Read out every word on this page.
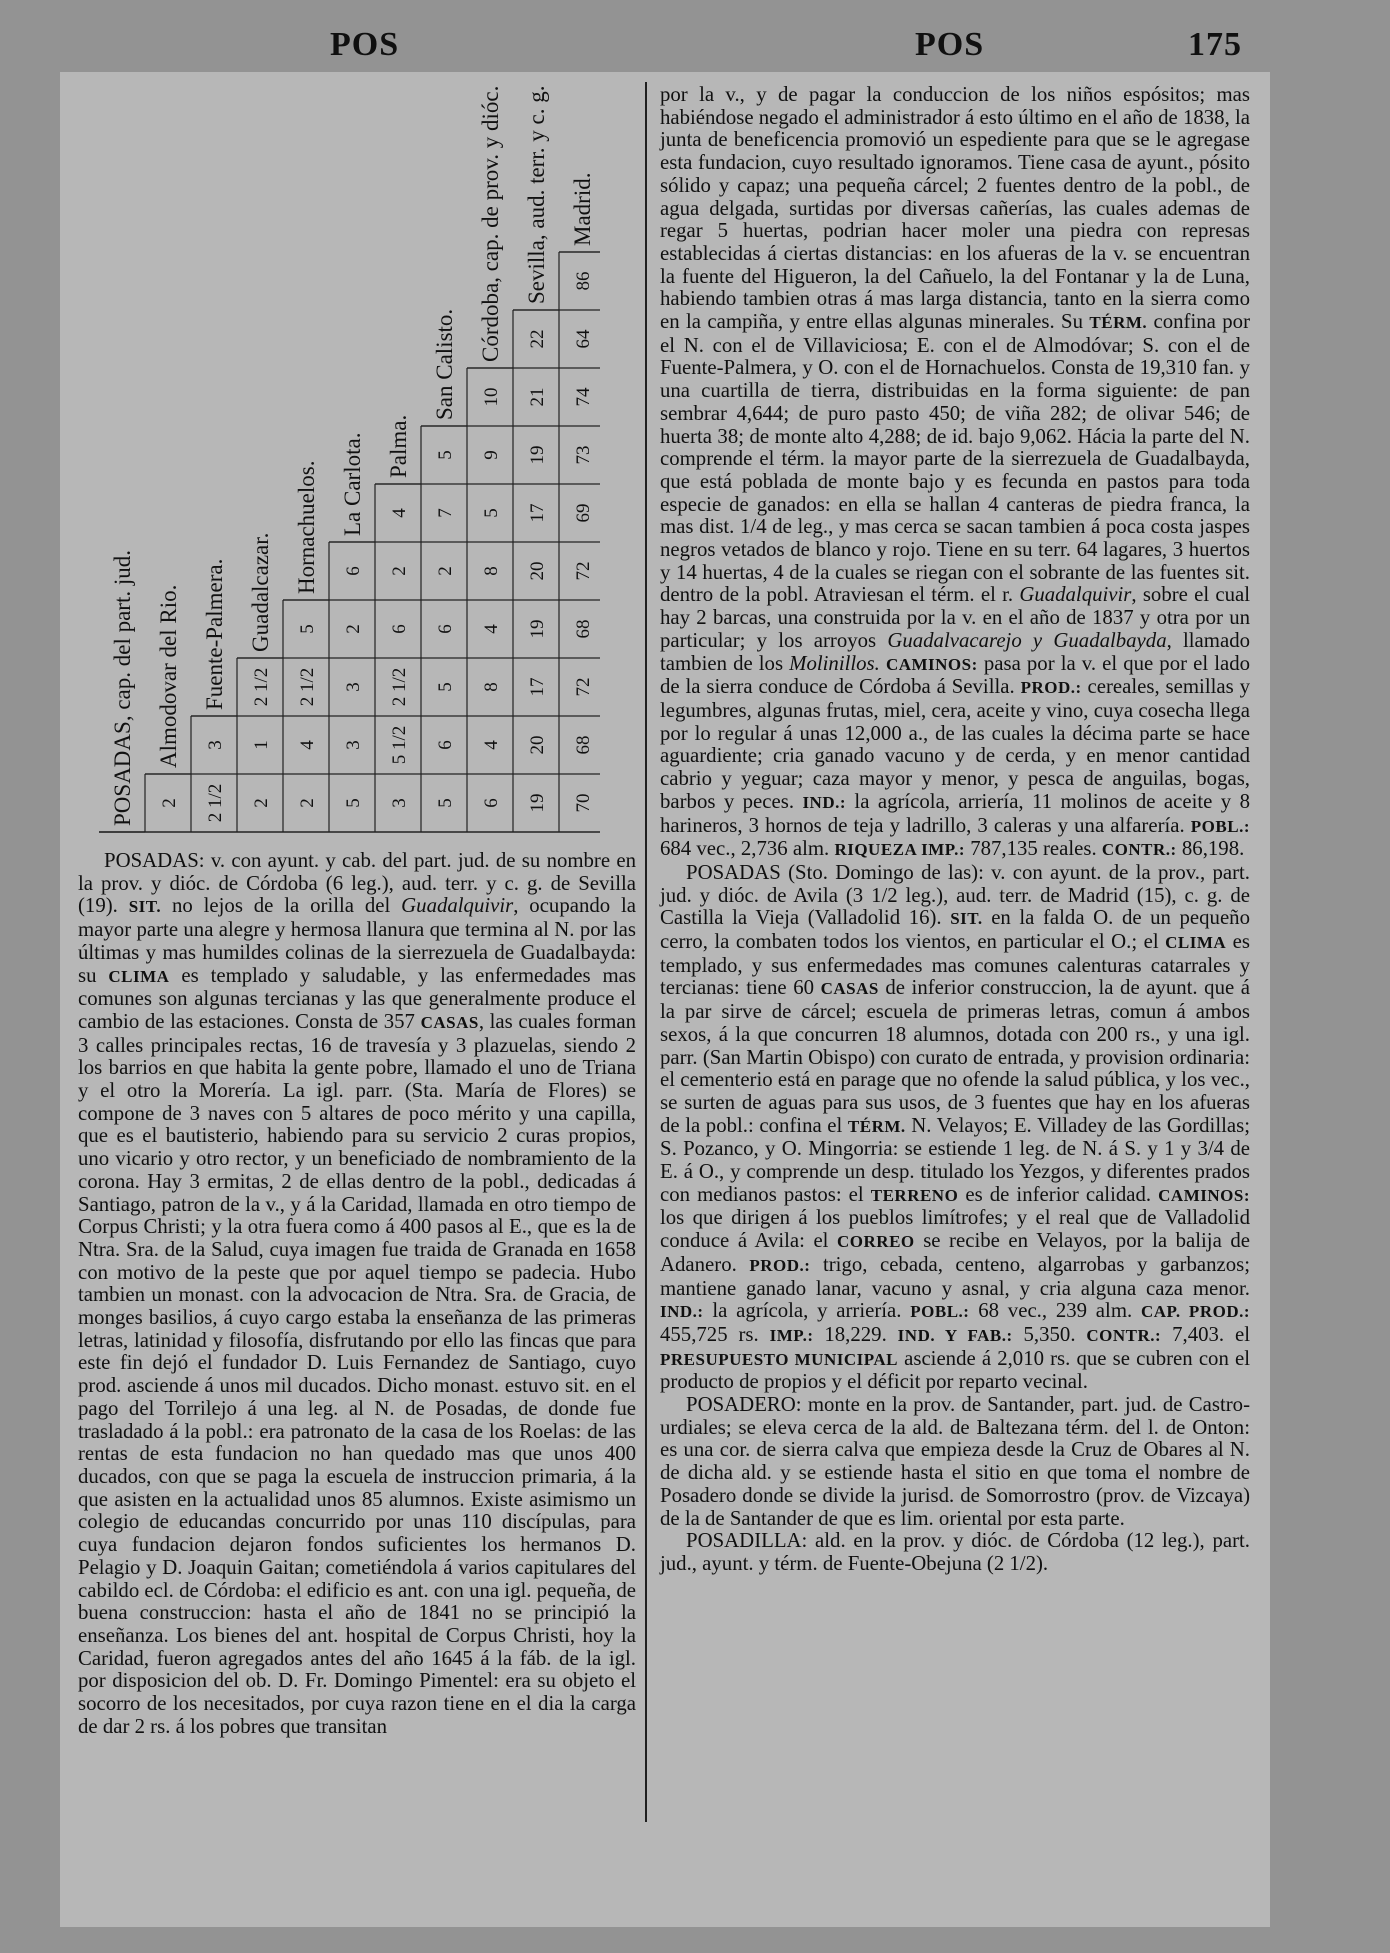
POS	POS	175
POSADAS, cap. del part. jud. Almodovar del Rio. Fuente-Palmera. Guadalcazar. Hornachuelos. La Carlota. Palma.
San Calisto.
Córdoba, cap. de prov. y dióc. Sevilla, aud. terr. y c. g. Madrid.
2 2 1/2
3
2
1
2 1/2
2
4
2 1/2
5
5
3
3
2
6
3
5 1/2
2 1/2
6
2
4
5
6
5
6
2
7
5
6
4
8
4
8
5
9
10
19
20
17
19
20
17
19
21
22
70
68
72
68
72
69
73
74
64
86

POSADAS: v. con ayunt. y cab. del part. jud. de su nombre en la prov. y dióc. de Córdoba (6 leg.), aud. terr. y c. g. de Sevilla (19). SIT. no lejos de la orilla del Guadalquivir, ocupando la mayor parte una alegre y hermosa llanura que termina al N. por las últimas y mas humildes colinas de la sierrezuela de Guadalbayda: su CLIMA es templado y saludable, y las enfermedades mas comunes son algunas tercianas y las que generalmente produce el cambio de las estaciones. Consta de 357 CASAS, las cuales forman 3 calles principales rectas, 16 de travesía y 3 plazuelas, siendo 2 los barrios en que habita la gente pobre, llamado el uno de Triana y el otro la Morería. La igl. parr. (Sta. María de Flores) se compone de 3 naves con 5 altares de poco mérito y una capilla, que es el bautisterio, habiendo para su servicio 2 curas propios, uno vicario y otro rector, y un beneficiado de nombramiento de la corona. Hay 3 ermitas, 2 de ellas dentro de la pobl., dedicadas á Santiago, patron de la v., y á la Caridad, llamada en otro tiempo de Corpus Christi; y la otra fuera como á 400 pasos al E., que es la de Ntra. Sra. de la Salud, cuya imagen fue traida de Granada en 1658 con motivo de la peste que por aquel tiempo se padecia. Hubo tambien un monast. con la advocacion de Ntra. Sra. de Gracia, de monges basilios, á cuyo cargo estaba la enseñanza de las primeras letras, latinidad y filosofía, disfrutando por ello las fincas que para este fin dejó el fundador D. Luis Fernandez de Santiago, cuyo prod. asciende á unos mil ducados. Dicho monast. estuvo sit. en el pago del Torrilejo á una leg. al N. de Posadas, de donde fue trasladado á la pobl.: era patronato de la casa de los Roelas: de las rentas de esta fundacion no han quedado mas que unos 400 ducados, con que se paga la escuela de instruccion primaria, á la que asisten en la actualidad unos 85 alumnos. Existe asimismo un colegio de educandas concurrido por unas 110 discípulas, para cuya fundacion dejaron fondos suficientes los hermanos D. Pelagio y D. Joaquin Gaitan; cometiéndola á varios capitulares del cabildo ecl. de Córdoba: el edificio es ant. con una igl. pequeña, de buena construccion: hasta el año de 1841 no se principió la enseñanza. Los bienes del ant. hospital de Corpus Christi, hoy la Caridad, fueron agregados antes del año 1645 á la fáb. de la igl. por disposicion del ob. D. Fr. Domingo Pimentel: era su objeto el socorro de los necesitados, por cuya razon tiene en el dia la carga de dar 2 rs. á los pobres que transitan

por la v., y de pagar la conduccion de los niños espósitos; mas habiéndose negado el administrador á esto último en el año de 1838, la junta de beneficencia promovió un espediente para que se le agregase esta fundacion, cuyo resultado ignoramos. Tiene casa de ayunt., pósito sólido y capaz; una pequeña cárcel; 2 fuentes dentro de la pobl., de agua delgada, surtidas por diversas cañerías, las cuales ademas de regar 5 huertas, podrian hacer moler una piedra con represas establecidas á ciertas distancias: en los afueras de la v. se encuentran la fuente del Higueron, la del Cañuelo, la del Fontanar y la de Luna, habiendo tambien otras á mas larga distancia, tanto en la sierra como en la campiña, y entre ellas algunas minerales. Su TÉRM. confina por el N. con el de Villaviciosa; E. con el de Almodóvar; S. con el de Fuente-Palmera, y O. con el de Hornachuelos. Consta de 19,310 fan. y una cuartilla de tierra, distribuidas en la forma siguiente: de pan sembrar 4,644; de puro pasto 450; de viña 282; de olivar 546; de huerta 38; de monte alto 4,288; de id. bajo 9,062. Hácia la parte del N. comprende el térm. la mayor parte de la sierrezuela de Guadalbayda, que está poblada de monte bajo y es fecunda en pastos para toda especie de ganados: en ella se hallan 4 canteras de piedra franca, la mas dist. 1/4 de leg., y mas cerca se sacan tambien á poca costa jaspes negros vetados de blanco y rojo. Tiene en su terr. 64 lagares, 3 huertos y 14 huertas, 4 de la cuales se riegan con el sobrante de las fuentes sit. dentro de la pobl. Atraviesan el térm. el r. Guadalquivir, sobre el cual hay 2 barcas, una construida por la v. en el año de 1837 y otra por un particular; y los arroyos Guadalvacarejo y Guadalbayda, llamado tambien de los Molinillos. CAMINOS: pasa por la v. el que por el lado de la sierra conduce de Córdoba á Sevilla. PROD.: cereales, semillas y legumbres, algunas frutas, miel, cera, aceite y vino, cuya cosecha llega por lo regular á unas 12,000 a., de las cuales la décima parte se hace aguardiente; cria ganado vacuno y de cerda, y en menor cantidad cabrio y yeguar; caza mayor y menor, y pesca de anguilas, bogas, barbos y peces. IND.: la agrícola, arriería, 11 molinos de aceite y 8 harineros, 3 hornos de teja y ladrillo, 3 caleras y una alfarería. POBL.: 684 vec., 2,736 alm. RIQUEZA IMP.: 787,135 reales. CONTR.: 86,198.

POSADAS (Sto. Domingo de las): v. con ayunt. de la prov., part. jud. y dióc. de Avila (3 1/2 leg.), aud. terr. de Madrid (15), c. g. de Castilla la Vieja (Valladolid 16). SIT. en la falda O. de un pequeño cerro, la combaten todos los vientos, en particular el O.; el CLIMA es templado, y sus enfermedades mas comunes calenturas catarrales y tercianas: tiene 60 CASAS de inferior construccion, la de ayunt. que á la par sirve de cárcel; escuela de primeras letras, comun á ambos sexos, á la que concurren 18 alumnos, dotada con 200 rs., y una igl. parr. (San Martin Obispo) con curato de entrada, y provision ordinaria: el cementerio está en parage que no ofende la salud pública, y los vec., se surten de aguas para sus usos, de 3 fuentes que hay en los afueras de la pobl.: confina el TÉRM. N. Velayos; E. Villadey de las Gordillas; S. Pozanco, y O. Mingorria: se estiende 1 leg. de N. á S. y 1 y 3/4 de E. á O., y comprende un desp. titulado los Yezgos, y diferentes prados con medianos pastos: el TERRENO es de inferior calidad. CAMINOS: los que dirigen á los pueblos limítrofes; y el real que de Valladolid conduce á Avila: el CORREO se recibe en Velayos, por la balija de Adanero. PROD.: trigo, cebada, centeno, algarrobas y garbanzos; mantiene ganado lanar, vacuno y asnal, y cria alguna caza menor. IND.: la agrícola, y arriería. POBL.: 68 vec., 239 alm. CAP. PROD.: 455,725 rs. IMP.: 18,229. IND. Y FAB.: 5,350. CONTR.: 7,403. el PRESUPUESTO MUNICIPAL asciende á 2,010 rs. que se cubren con el producto de propios y el déficit por reparto vecinal.

POSADERO: monte en la prov. de Santander, part. jud. de Castro-urdiales; se eleva cerca de la ald. de Baltezana térm. del l. de Onton: es una cor. de sierra calva que empieza desde la Cruz de Obares al N. de dicha ald. y se estiende hasta el sitio en que toma el nombre de Posadero donde se divide la jurisd. de Somorrostro (prov. de Vizcaya) de la de Santander de que es lim. oriental por esta parte.

POSADILLA: ald. en la prov. y dióc. de Córdoba (12 leg.), part. jud., ayunt. y térm. de Fuente-Obejuna (2 1/2).
